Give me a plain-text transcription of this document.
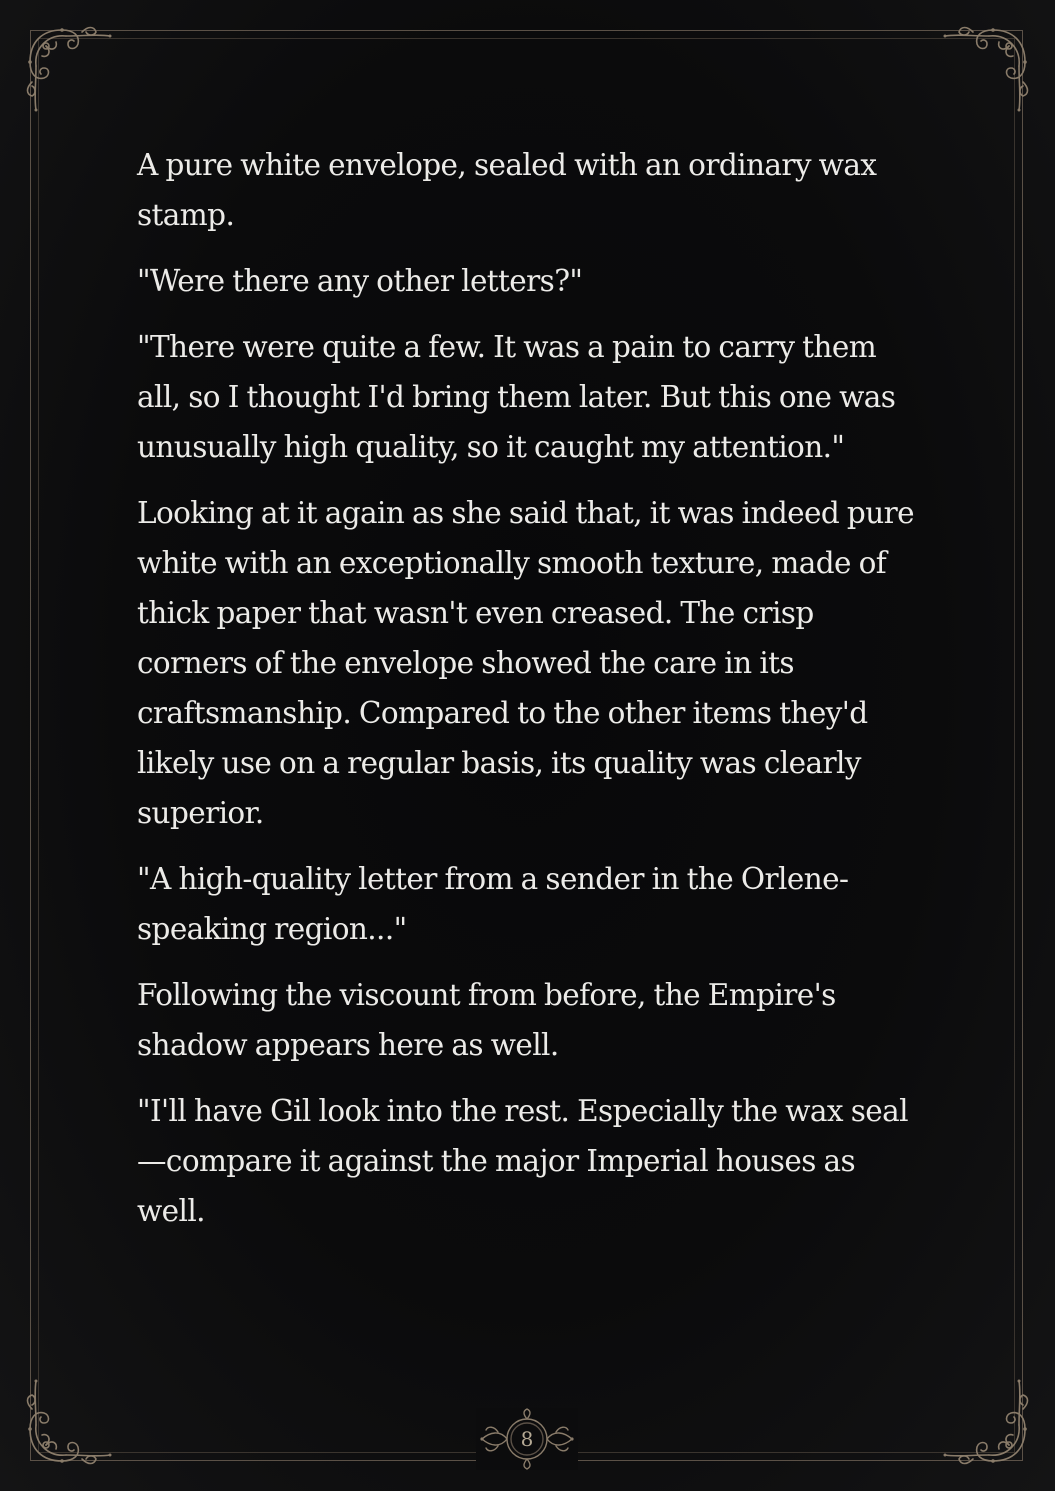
A pure white envelope, sealed with an ordinary wax stamp.

"Were there any other letters?"

"There were quite a few. It was a pain to carry them all, so I thought I'd bring them later. But this one was unusually high quality, so it caught my attention."

Looking at it again as she said that, it was indeed pure white with an exceptionally smooth texture, made of thick paper that wasn't even creased. The crisp corners of the envelope showed the care in its craftsmanship. Compared to the other items they'd likely use on a regular basis, its quality was clearly superior.

"A high-quality letter from a sender in the Orlene-speaking region..."

Following the viscount from before, the Empire's shadow appears here as well.

"I'll have Gil look into the rest. Especially the wax seal—compare it against the major Imperial houses as well.

8
